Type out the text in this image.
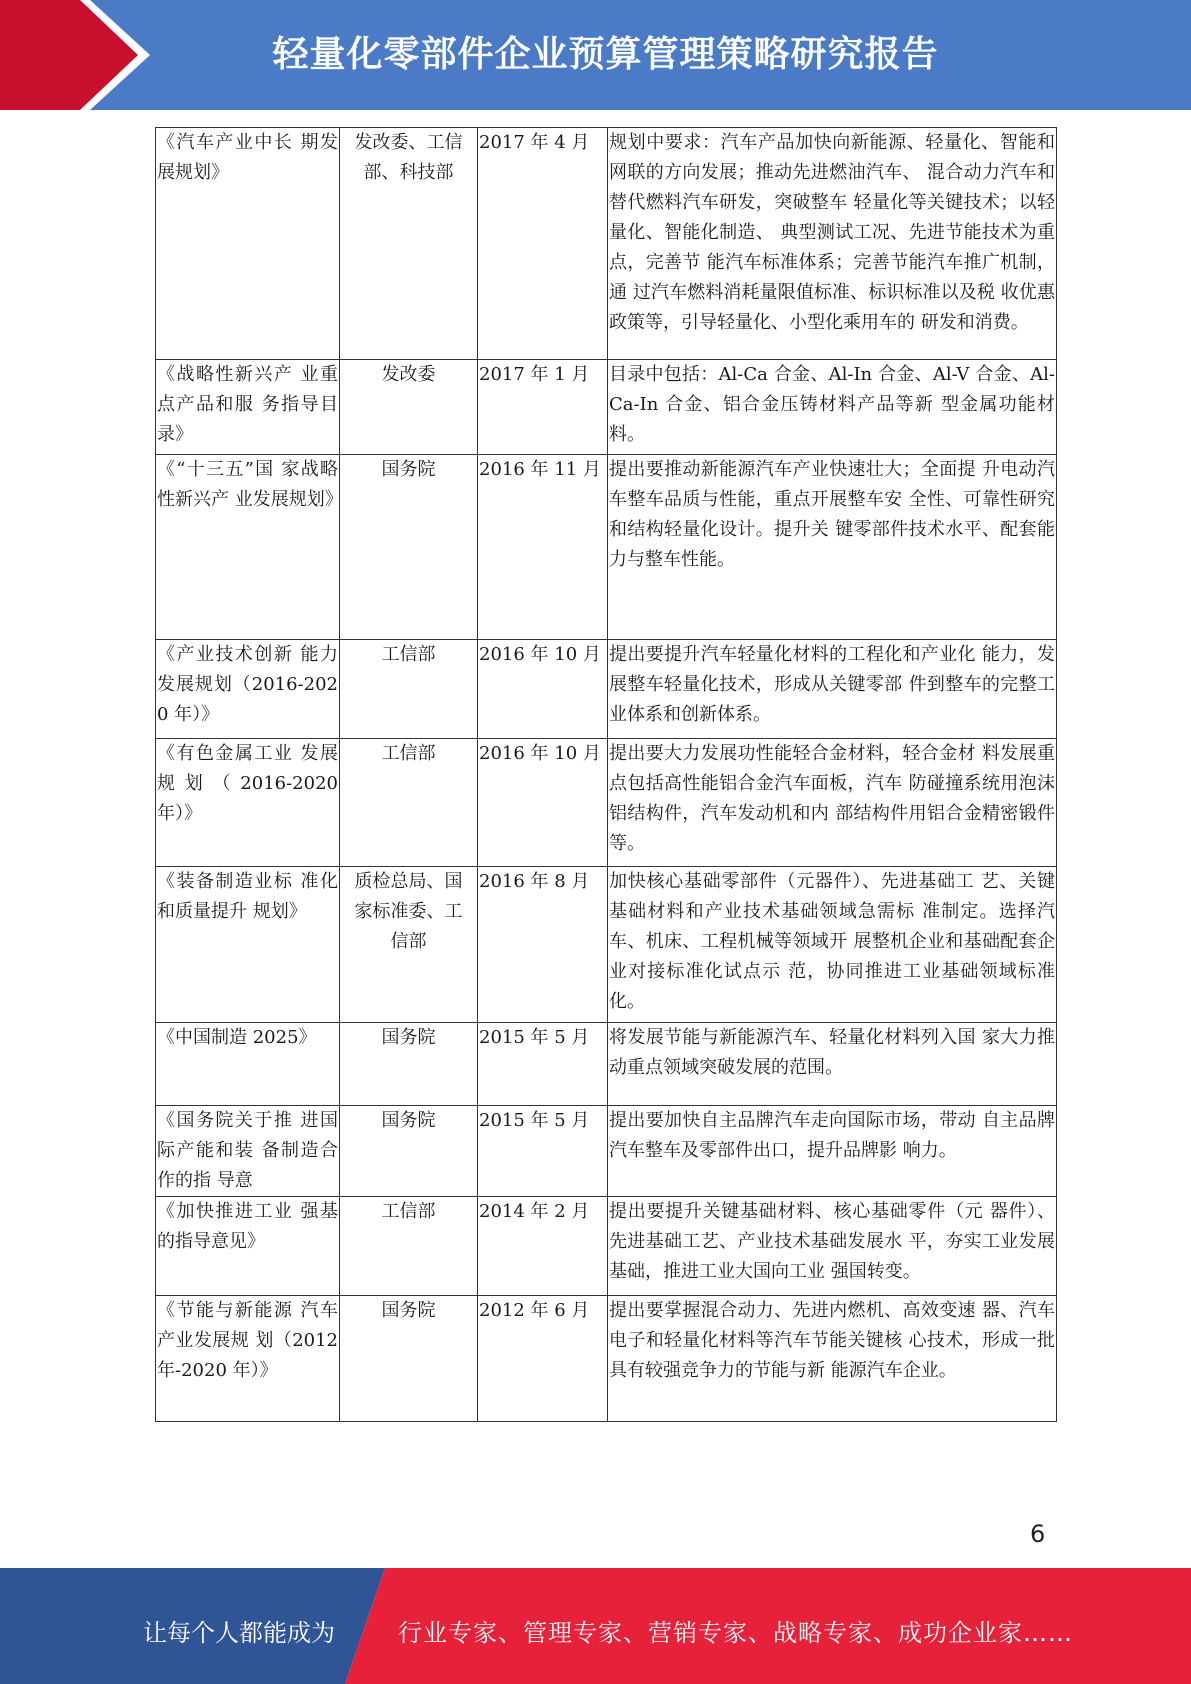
轻量化零部件企业预算管理策略研究报告
《汽车产业中长 期发展规划》	发改委、工信部、科技部	2017 年 4 月	规划中要求：汽车产品加快向新能源、轻量化、智能和网联的方向发展；推动先进燃油汽车、 混合动力汽车和替代燃料汽车研发，突破整车 轻量化等关键技术；以轻量化、智能化制造、 典型测试工况、先进节能技术为重点，完善节 能汽车标准体系；完善节能汽车推广机制，通 过汽车燃料消耗量限值标准、标识标准以及税 收优惠政策等，引导轻量化、小型化乘用车的 研发和消费。
《战略性新兴产 业重点产品和服 务指导目录》	发改委	2017 年 1 月	目录中包括：Al-Ca 合金、Al-In 合金、Al-V 合金、Al-Ca-In 合金、铝合金压铸材料产品等新 型金属功能材料。
《“十三五”国 家战略性新兴产 业发展规划》	国务院	2016 年 11 月	提出要推动新能源汽车产业快速壮大；全面提 升电动汽车整车品质与性能，重点开展整车安 全性、可靠性研究和结构轻量化设计。提升关 键零部件技术水平、配套能力与整车性能。
《产业技术创新 能力发展规划（2016-2020 年）》	工信部	2016 年 10 月	提出要提升汽车轻量化材料的工程化和产业化 能力，发展整车轻量化技术，形成从关键零部 件到整车的完整工业体系和创新体系。
《有色金属工业 发展规划（2016-2020 年）》	工信部	2016 年 10 月	提出要大力发展功性能轻合金材料，轻合金材 料发展重点包括高性能铝合金汽车面板，汽车 防碰撞系统用泡沫铝结构件，汽车发动机和内 部结构件用铝合金精密锻件等。
《装备制造业标 准化和质量提升 规划》	质检总局、国家标准委、工信部	2016 年 8 月	加快核心基础零部件（元器件）、先进基础工 艺、关键基础材料和产业技术基础领域急需标 准制定。选择汽车、机床、工程机械等领域开 展整机企业和基础配套企业对接标准化试点示 范，协同推进工业基础领域标准化。
《中国制造 2025》	国务院	2015 年 5 月	将发展节能与新能源汽车、轻量化材料列入国 家大力推动重点领域突破发展的范围。
《国务院关于推 进国际产能和装 备制造合作的指 导意	国务院	2015 年 5 月	提出要加快自主品牌汽车走向国际市场，带动 自主品牌汽车整车及零部件出口，提升品牌影 响力。
《加快推进工业 强基的指导意见》	工信部	2014 年 2 月	提出要提升关键基础材料、核心基础零件（元 器件）、先进基础工艺、产业技术基础发展水 平，夯实工业发展基础，推进工业大国向工业 强国转变。
《节能与新能源 汽车产业发展规 划（2012 年-2020 年）》	国务院	2012 年 6 月	提出要掌握混合动力、先进内燃机、高效变速 器、汽车电子和轻量化材料等汽车节能关键核 心技术，形成一批具有较强竞争力的节能与新 能源汽车企业。
6
让每个人都能成为	行业专家、管理专家、营销专家、战略专家、成功企业家……
